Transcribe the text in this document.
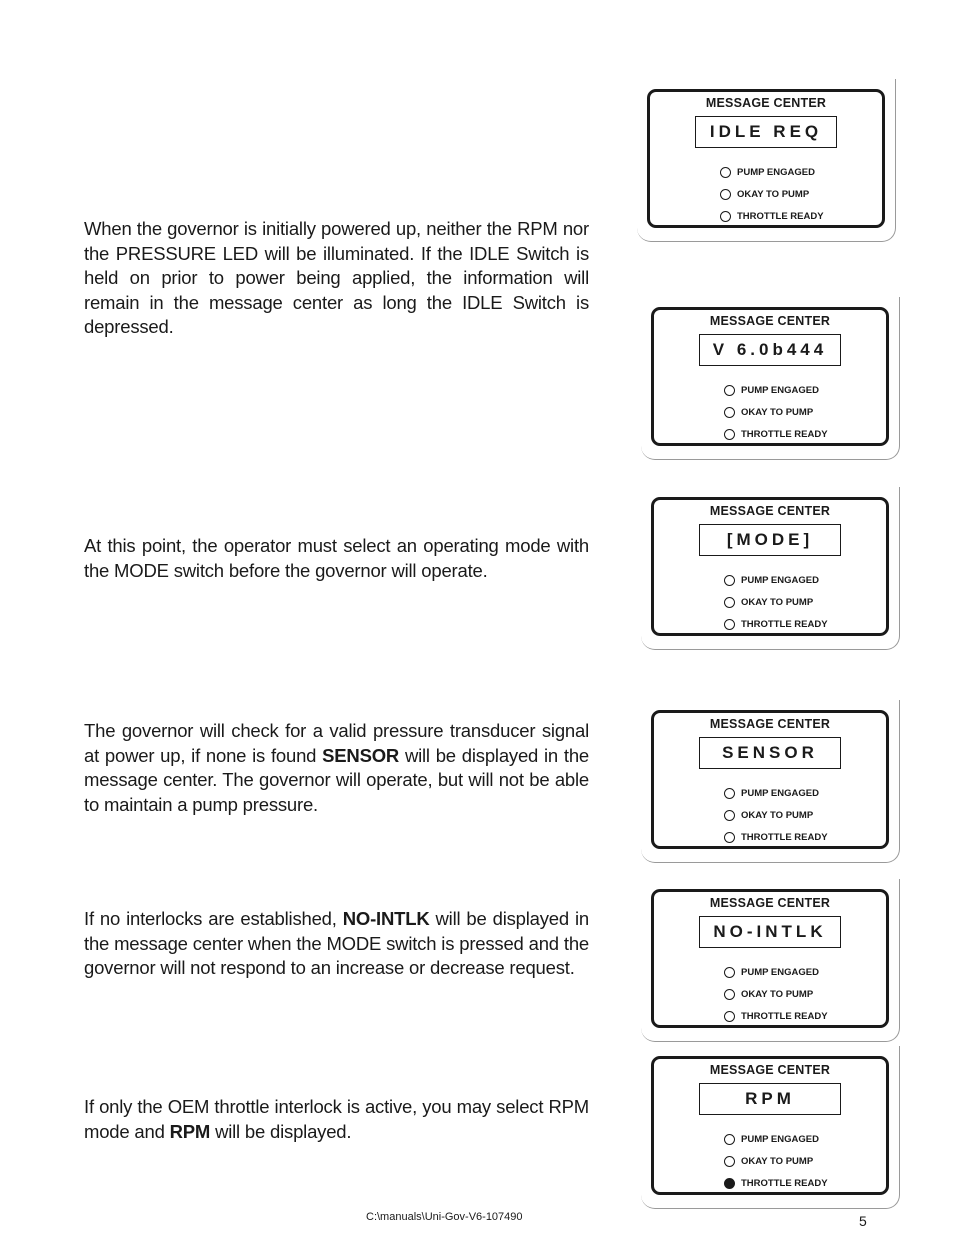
When the governor is initially powered up, neither the RPM nor the PRESSURE LED will be illuminated. If the IDLE Switch is held on prior to power being applied, the information will remain in the message center as long the IDLE Switch is depressed.
At this point, the operator must select an operating mode with the MODE switch before the governor will operate.
The governor will check for a valid pressure transducer signal at power up, if none is found SENSOR will be displayed in the message center. The governor will operate, but will not be able to maintain a pump pressure.
If no interlocks are established, NO-INTLK will be displayed in the message center when the MODE switch is pressed and the governor will not respond to an increase or decrease request.
If only the OEM throttle interlock is active, you may select RPM mode and RPM will be displayed.
MESSAGE CENTER
IDLE REQ
PUMP ENGAGED
OKAY TO PUMP
THROTTLE READY
MESSAGE CENTER
V 6.0b444
PUMP ENGAGED
OKAY TO PUMP
THROTTLE READY
MESSAGE CENTER
[MODE]
PUMP ENGAGED
OKAY TO PUMP
THROTTLE READY
MESSAGE CENTER
SENSOR
PUMP ENGAGED
OKAY TO PUMP
THROTTLE READY
MESSAGE CENTER
NO-INTLK
PUMP ENGAGED
OKAY TO PUMP
THROTTLE READY
MESSAGE CENTER
RPM
PUMP ENGAGED
OKAY TO PUMP
THROTTLE READY
C:\manuals\Uni-Gov-V6-107490	5
